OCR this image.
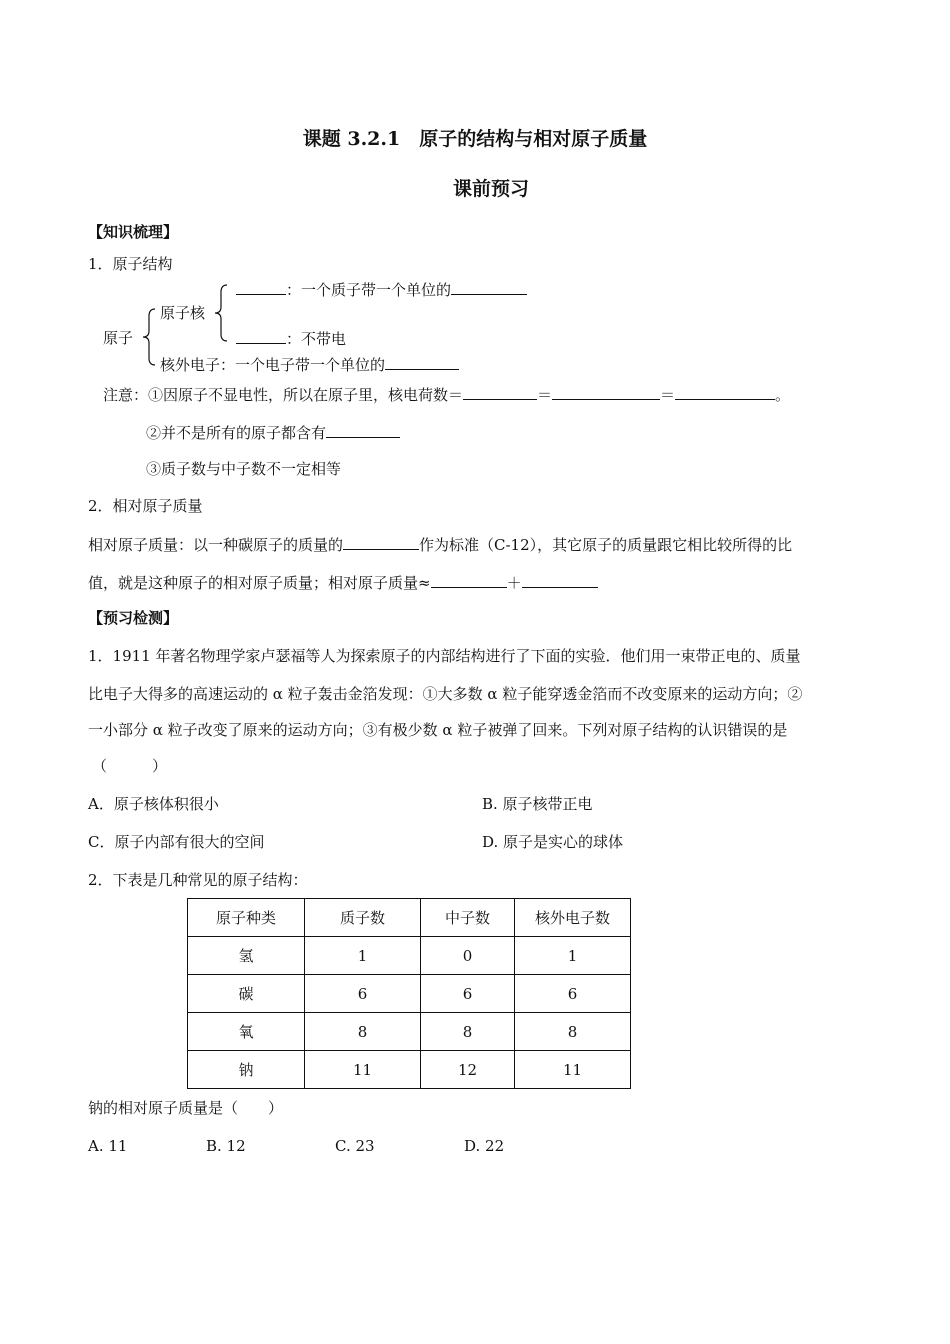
课题 3.2.1　原子的结构与相对原子质量
课前预习
【知识梳理】
1．原子结构
原子
原子核
：一个质子带一个单位的
：不带电
核外电子：一个电子带一个单位的
注意：①因原子不显电性，所以在原子里，核电荷数＝	＝	＝	。
②并不是所有的原子都含有
③质子数与中子数不一定相等
2．相对原子质量
相对原子质量：以一种碳原子的质量的	作为标准（C-12），其它原子的质量跟它相比较所得的比
值，就是这种原子的相对原子质量；相对原子质量≈	＋
【预习检测】
1．1911 年著名物理学家卢瑟福等人为探索原子的内部结构进行了下面的实验．他们用一束带正电的、质量
比电子大得多的高速运动的 α 粒子轰击金箔发现：①大多数 α 粒子能穿透金箔而不改变原来的运动方向；②
一小部分 α 粒子改变了原来的运动方向；③有极少数 α 粒子被弹了回来。下列对原子结构的认识错误的是
（　　　）
A．原子核体积很小	B. 原子核带正电
C．原子内部有很大的空间	D. 原子是实心的球体
2．下表是几种常见的原子结构：
原子种类	质子数	中子数	核外电子数
氢	1	0	1
碳	6	6	6
氧	8	8	8
钠	11	12	11
钠的相对原子质量是（　　）
A. 11	B. 12	C. 23	D. 22
